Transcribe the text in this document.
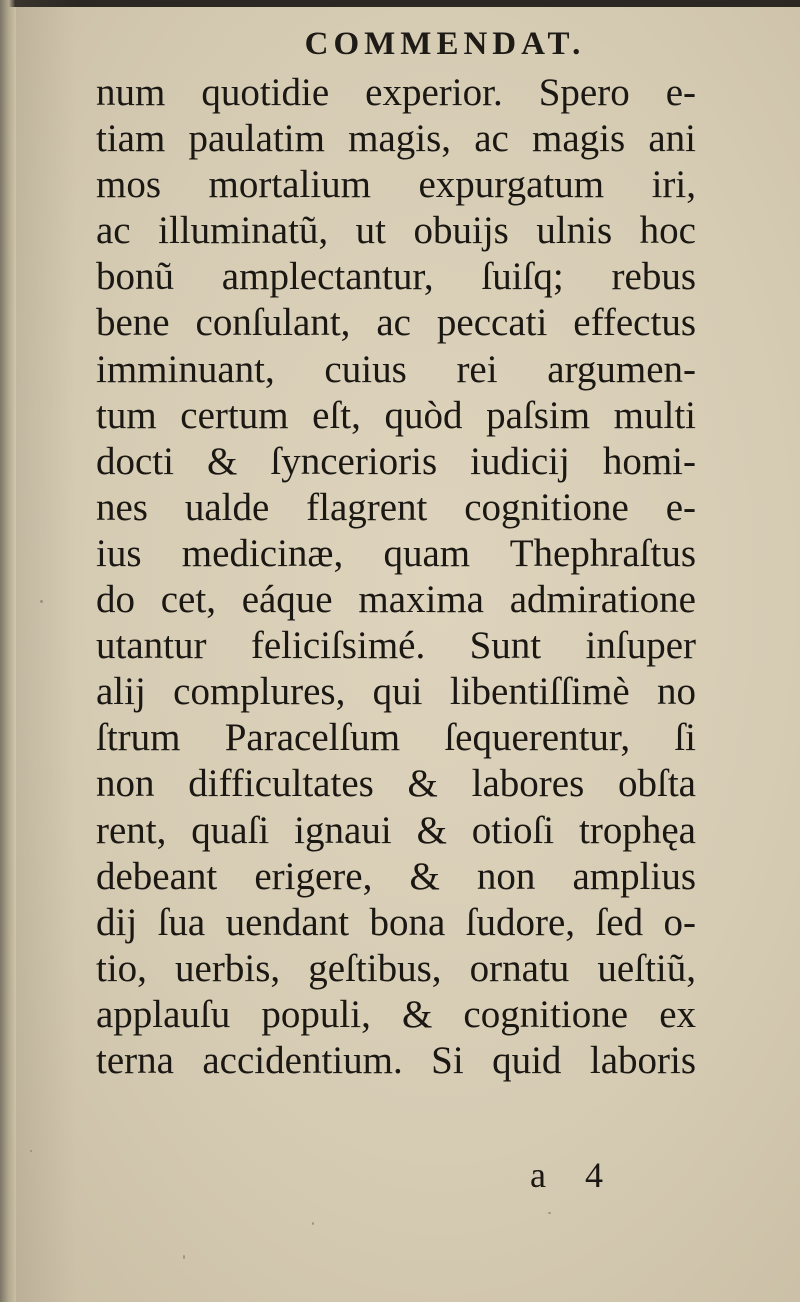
COMMENDAT.
num quotidie experior. Spero e-
tiam paulatim magis, ac magis ani
mos mortalium expurgatum iri,
ac illuminatũ, ut obuijs ulnis hoc
bonũ amplectantur, ſuiſq; rebus
bene conſulant, ac peccati effectus
imminuant, cuius rei argumen-
tum certum eſt, quòd paſsim multi
docti & ſyncerioris iudicij homi-
nes ualde flagrent cognitione e-
ius medicinæ, quam Thephraſtus
do cet, eáque maxima admiratione
utantur feliciſsimé. Sunt inſuper
alij complures, qui libentiſſimè no
ſtrum Paracelſum ſequerentur, ſi
non difficultates & labores obſta
rent, quaſi ignaui & otioſi trophęa
debeant erigere, & non amplius
dij ſua uendant bona ſudore, ſed o-
tio, uerbis, geſtibus, ornatu ueſtiũ,
applauſu populi, & cognitione ex
terna accidentium. Si quid laboris
a 4
